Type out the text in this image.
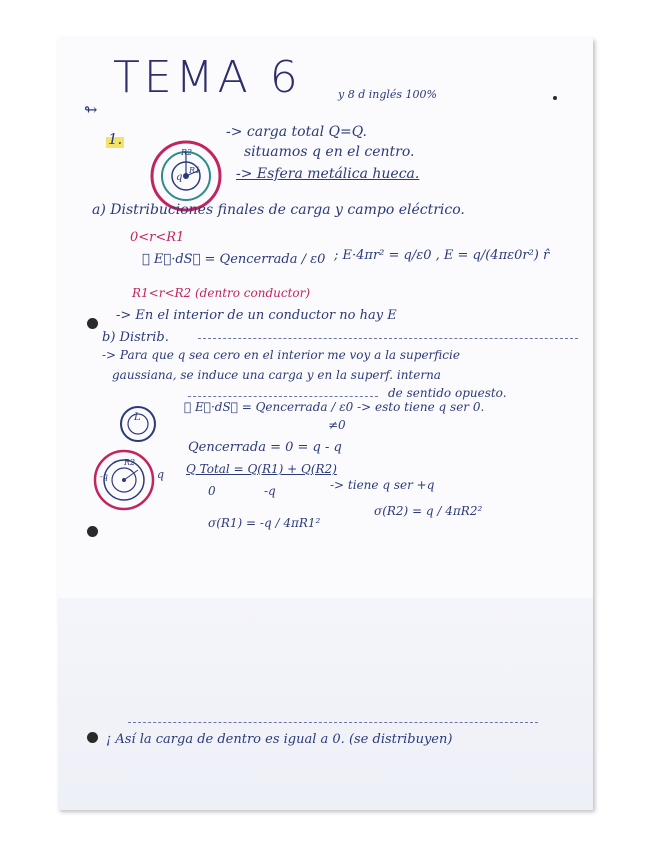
↬
TEMA 6	y 8 d inglés 100%
1.
R2
R1
q
-> carga total Q=Q.
situamos q en el centro.
-> Esfera metálica hueca.
a) Distribuciones finales de carga y campo eléctrico.
0<r<R1
∮ E⃗·dS⃗ = Qencerrada / ε0 ; E·4πr² = q/ε0 , E = q/(4πε0r²) r̂
R1<r<R2 (dentro conductor)
-> En el interior de un conductor no hay E
b) Distrib.
-> Para que q sea cero en el interior me voy a la superficie
gaussiana, se induce una carga y en la superf. interna
de sentido opuesto.
L
∮ E⃗·dS⃗ = Qencerrada / ε0 -> esto tiene q ser 0.
≠0
Qencerrada = 0 = q - q
-q
R2
q Q Total = Q(R1) + Q(R2)
0	-q	-> tiene q ser +q
σ(R1) = -q / 4πR1²
σ(R2) = q / 4πR2²
¡ Así la carga de dentro es igual a 0. (se distribuyen)
